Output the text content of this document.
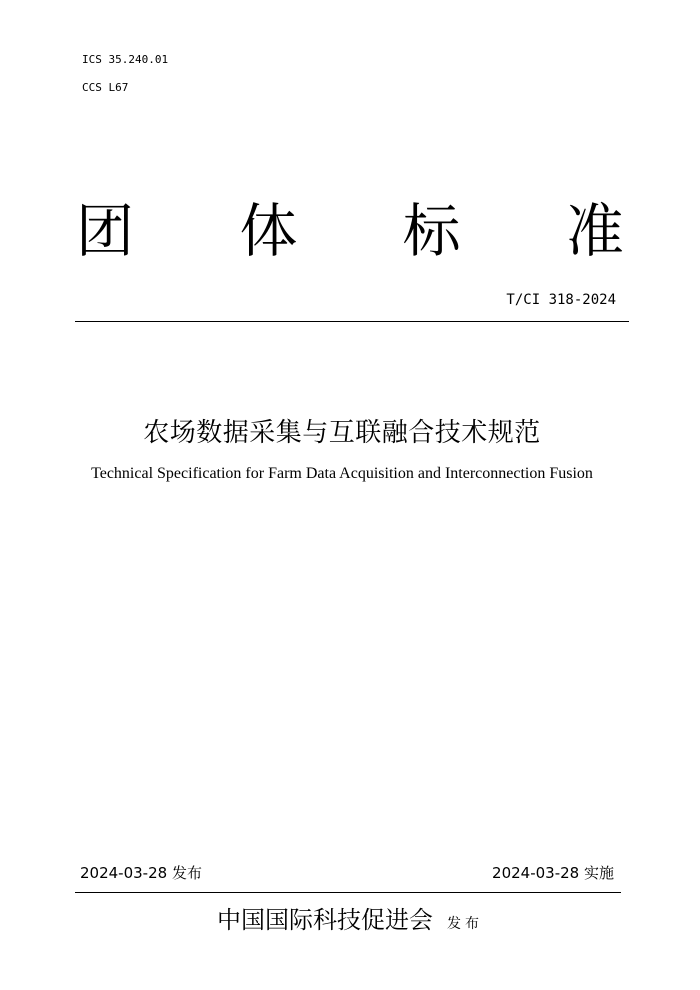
ICS 35.240.01
CCS L67
团 体 标 准
T/CI 318-2024
农场数据采集与互联融合技术规范
Technical Specification for Farm Data Acquisition and Interconnection Fusion
2024-03-28 发布	2024-03-28 实施
中国国际科技促进会 发布
